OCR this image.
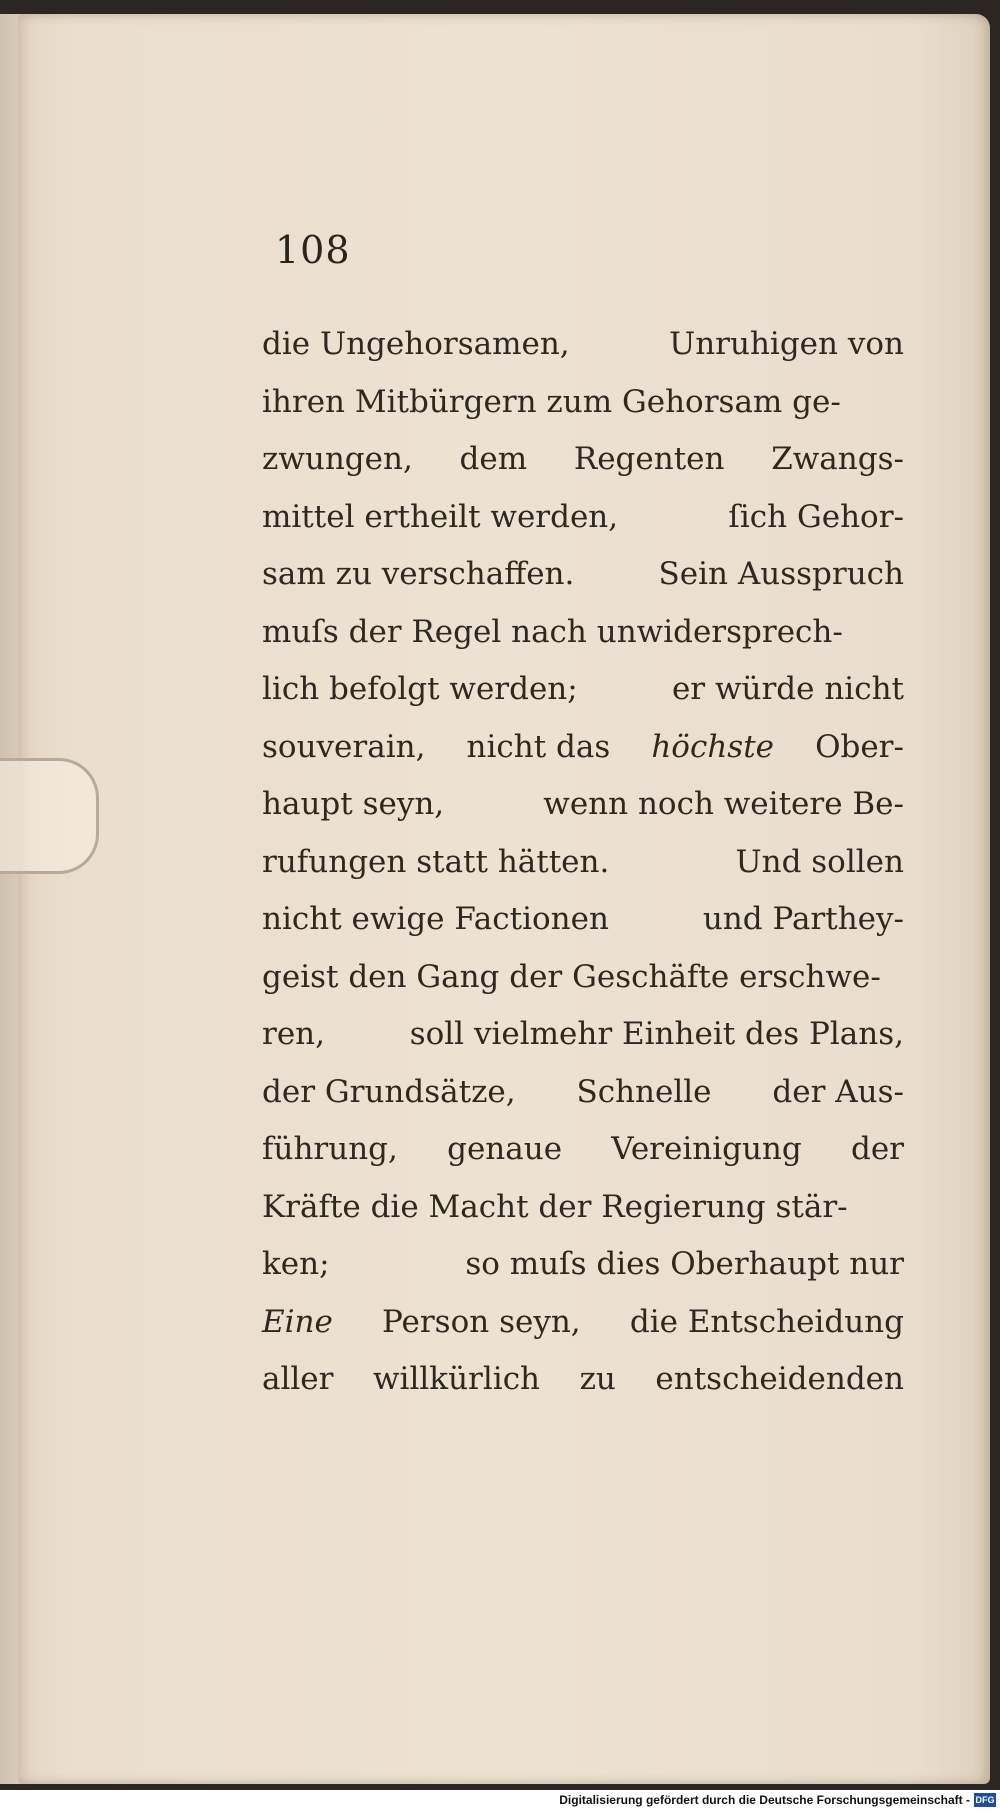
108
die Ungehorsamen,	Unruhigen von
ihren Mitbürgern zum Gehorsam ge-
zwungen, dem Regenten Zwangs-
mittel ertheilt werden,	ſich Gehor-
sam zu verschaffen.	Sein Ausspruch
muſs der Regel nach unwidersprech-
lich befolgt werden;	er würde nicht
souverain, nicht das höchste Ober-
haupt seyn,	wenn noch weitere Be-
rufungen statt hätten.	Und sollen
nicht ewige Factionen	und Parthey-
geist den Gang der Geschäfte erschwe-
ren,	soll vielmehr Einheit des Plans,
der Grundsätze, Schnelle der Aus-
führung, genaue Vereinigung der
Kräfte die Macht der Regierung stär-
ken;	so muſs dies Oberhaupt nur
Eine Person seyn, die Entscheidung
aller willkürlich zu entscheidenden
Digitalisierung gefördert durch die Deutsche Forschungsgemeinschaft - DFG
